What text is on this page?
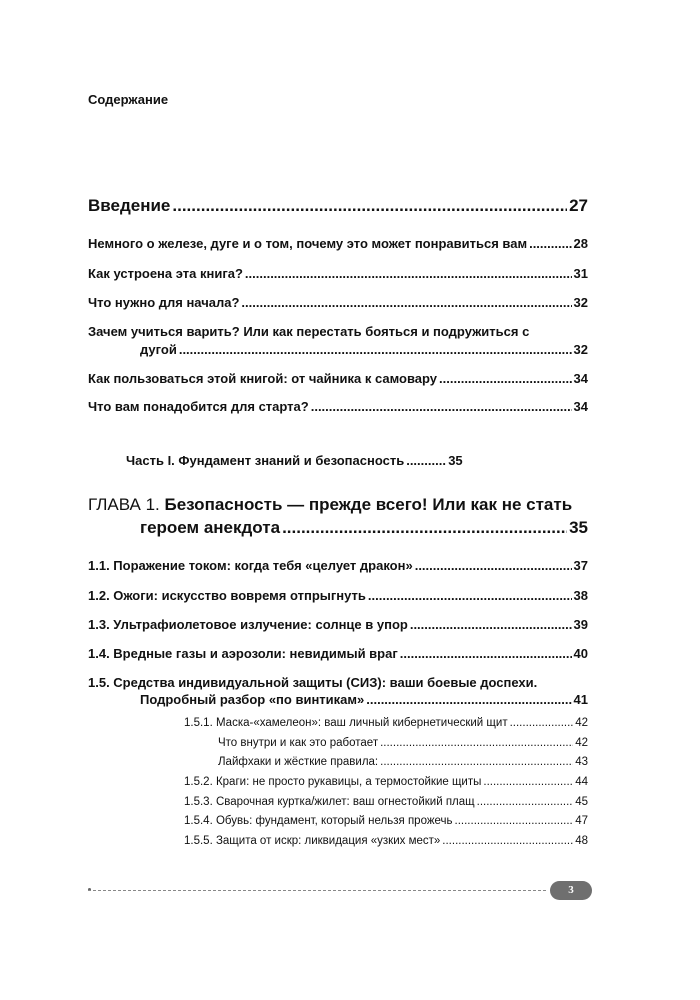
Содержание
Введение .....	27
Немного о железе, дуге и о том, почему это может понравиться вам .....	28
Как устроена эта книга? .....	31
Что нужно для начала? .....	32
Зачем учиться варить? Или как перестать бояться и подружиться с
дугой .....	32
Как пользоваться этой книгой: от чайника к самовару .....	34
Что вам понадобится для старта? .....	34
Часть I. Фундамент знаний и безопасность .....	35
ГЛАВА 1. Безопасность — прежде всего! Или как не стать
героем анекдота .....	35
1.1. Поражение током: когда тебя «целует дракон» .....	37
1.2. Ожоги: искусство вовремя отпрыгнуть .....	38
1.3. Ультрафиолетовое излучение: солнце в упор .....	39
1.4. Вредные газы и аэрозоли: невидимый враг .....	40
1.5. Средства индивидуальной защиты (СИЗ): ваши боевые доспехи.
Подробный разбор «по винтикам» .....	41
1.5.1. Маска-«хамелеон»: ваш личный кибернетический щит .....	42
Что внутри и как это работает .....	42
Лайфхаки и жёсткие правила: .....	43
1.5.2. Краги: не просто рукавицы, а термостойкие щиты .....	44
1.5.3. Сварочная куртка/жилет: ваш огнестойкий плащ .....	45
1.5.4. Обувь: фундамент, который нельзя прожечь .....	47
1.5.5. Защита от искр: ликвидация «узких мест» .....	48
3
